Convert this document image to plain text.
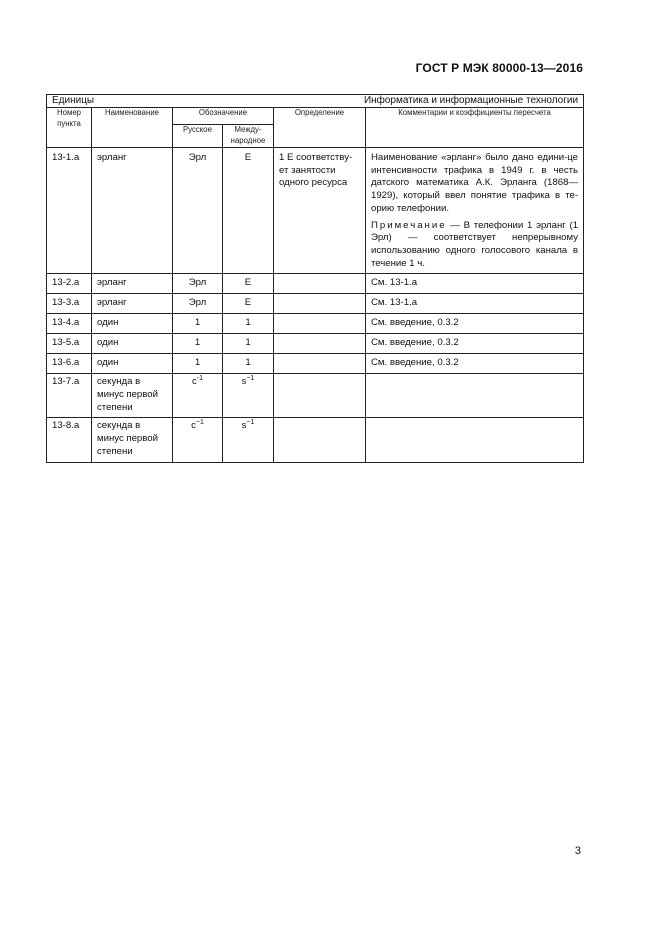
ГОСТ Р МЭК 80000-13—2016
Единицы Информатика и информационные технологии					

Номер пункта	Наименование	Обозначение		Определение	Комментарии и коэффициенты пересчета
		Русское	Между-народное		
13-1.a	эрланг	Эрл	E	1 Е соответству-ет занятости одного ресурса	Наименование «эрланг» было дано едини-це интенсивности трафика в 1949 г. в честь датского математика А.К. Эрланга (1868—1929), который ввел понятие трафика в те-орию телефонии.

Примечание — В телефонии 1 эрланг (1 Эрл) — соответствует непрерывному использованию одного голосового канала в течение 1 ч.

13-2.a	эрланг	Эрл	E		См. 13-1.a
13-3.a	эрланг	Эрл	E		См. 13-1.a
13-4.a	один	1	1		См. введение, 0.3.2
13-5.a	один	1	1		См. введение, 0.3.2
13-6.a	один	1	1		См. введение, 0.3.2
13-7.a	секунда в минус первой степени	$с^{-1}$	$s^{-1}$		
13-8.a	секунда в минус первой степени	$с^{-1}$	$s^{-1}$		
3
